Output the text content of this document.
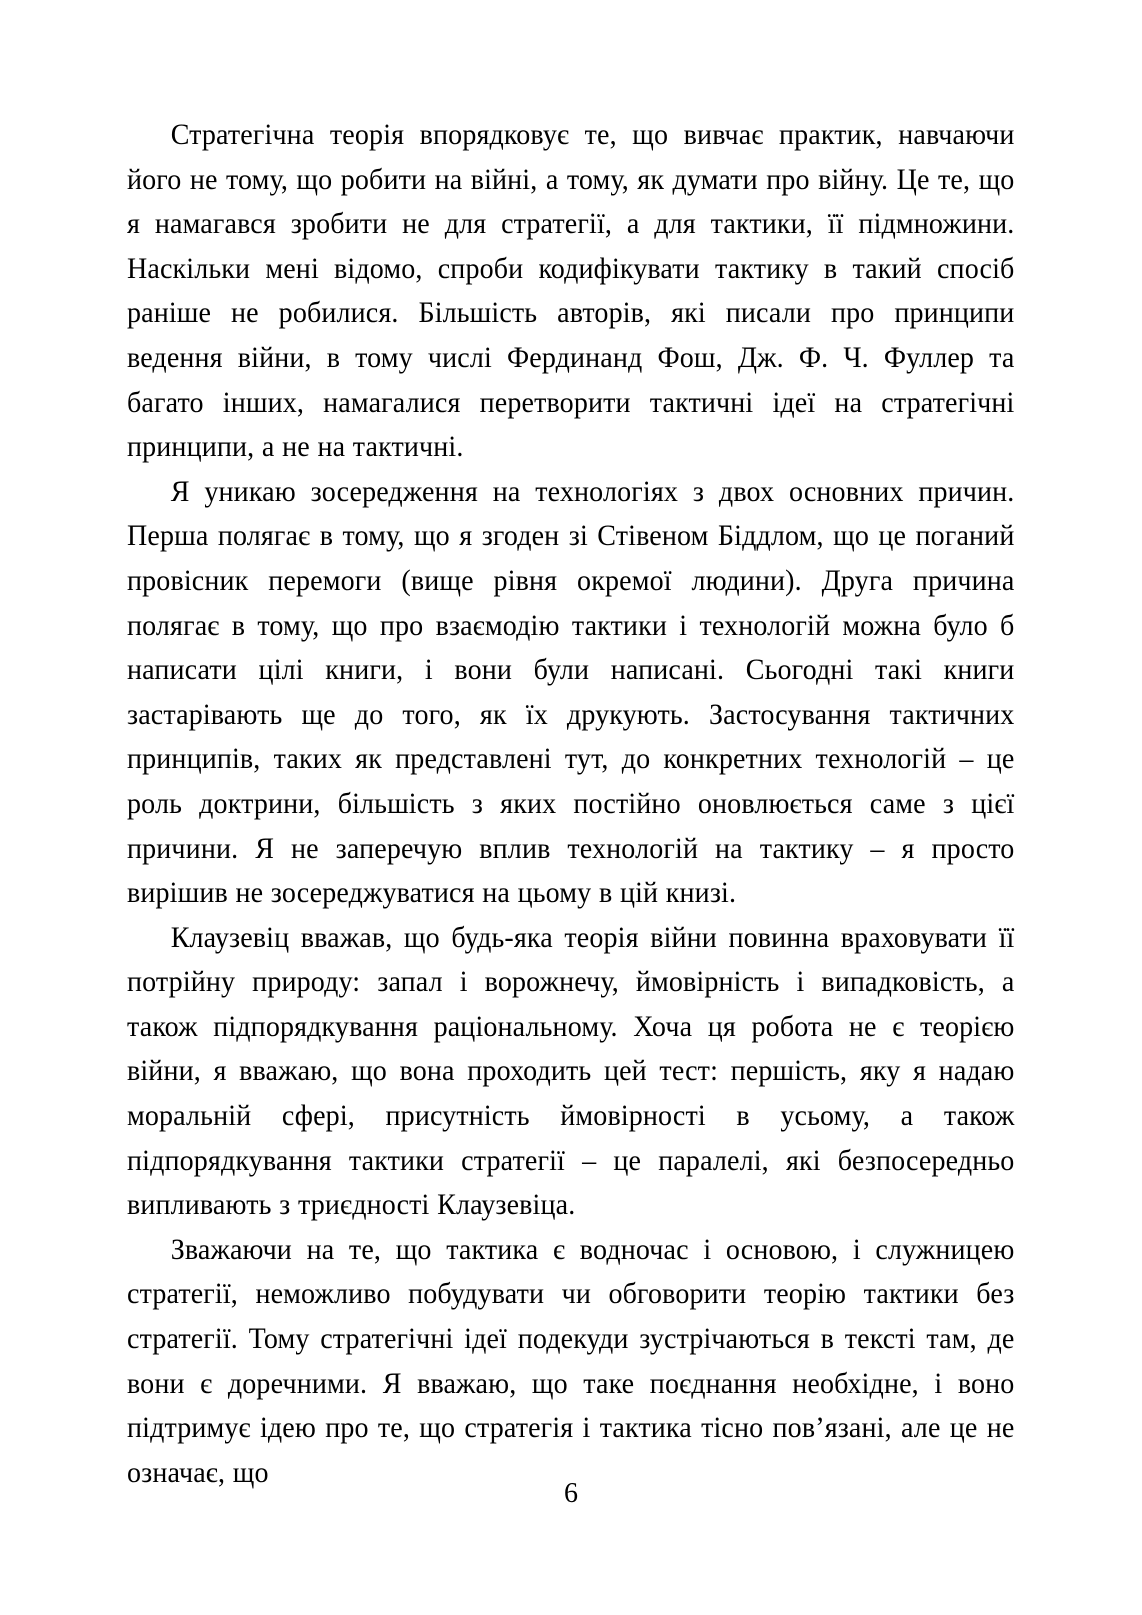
Стратегічна теорія впорядковує те, що вивчає практик, навчаючи його не тому, що робити на війні, а тому, як думати про війну. Це те, що я намагався зробити не для стратегії, а для тактики, її підмножини. Наскільки мені відомо, спроби кодифікувати тактику в такий спосіб раніше не робилися. Більшість авторів, які писали про принципи ведення війни, в тому числі Фердинанд Фош, Дж. Ф. Ч. Фуллер та багато інших, намагалися перетворити тактичні ідеї на стратегічні принципи, а не на тактичні.

Я уникаю зосередження на технологіях з двох основних причин. Перша полягає в тому, що я згоден зі Стівеном Біддлом, що це поганий провісник перемоги (вище рівня окремої людини). Друга причина полягає в тому, що про взаємодію тактики і технологій можна було б написати цілі книги, і вони були написані. Сьогодні такі книги застарівають ще до того, як їх друкують. Застосування тактичних принципів, таких як представлені тут, до конкретних технологій – це роль доктрини, більшість з яких постійно оновлюється саме з цієї причини. Я не заперечую вплив технологій на тактику – я просто вирішив не зосереджуватися на цьому в цій книзі.

Клаузевіц вважав, що будь-яка теорія війни повинна враховувати її потрійну природу: запал і ворожнечу, ймовірність і випадковість, а також підпорядкування раціональному. Хоча ця робота не є теорією війни, я вважаю, що вона проходить цей тест: першість, яку я надаю моральній сфері, присутність ймовірності в усьому, а також підпорядкування тактики стратегії – це паралелі, які безпосередньо випливають з триєдності Клаузевіца.

Зважаючи на те, що тактика є водночас і основою, і служницею стратегії, неможливо побудувати чи обговорити теорію тактики без стратегії. Тому стратегічні ідеї подекуди зустрічаються в тексті там, де вони є доречними. Я вважаю, що таке поєднання необхідне, і воно підтримує ідею про те, що стратегія і тактика тісно пов’язані, але це не означає, що

6
